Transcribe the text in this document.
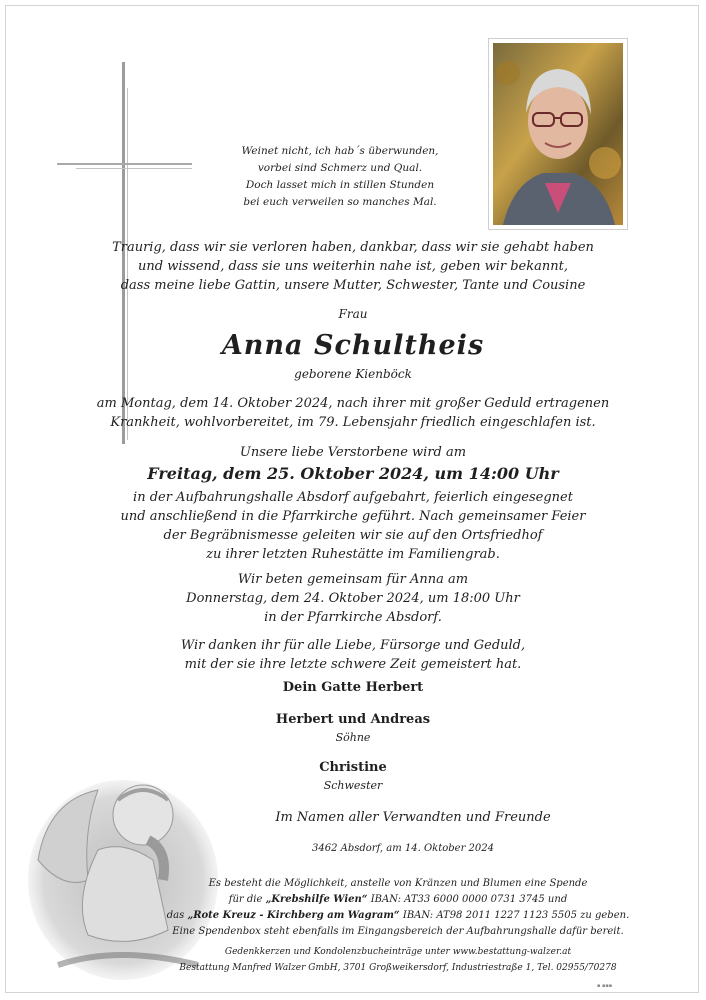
Weinet nicht, ich hab´s überwunden,
vorbei sind Schmerz und Qual.
Doch lasset mich in stillen Stunden
bei euch verweilen so manches Mal.
Traurig, dass wir sie verloren haben, dankbar, dass wir sie gehabt haben
und wissend, dass sie uns weiterhin nahe ist, geben wir bekannt,
dass meine liebe Gattin, unsere Mutter, Schwester, Tante und Cousine
Frau
Anna Schultheis
geborene Kienböck
am Montag, dem 14. Oktober 2024, nach ihrer mit großer Geduld ertragenen
Krankheit, wohlvorbereitet, im 79. Lebensjahr friedlich eingeschlafen ist.
Unsere liebe Verstorbene wird am
Freitag, dem 25. Oktober 2024, um 14:00 Uhr
in der Aufbahrungshalle Absdorf aufgebahrt, feierlich eingesegnet
und anschließend in die Pfarrkirche geführt. Nach gemeinsamer Feier
der Begräbnismesse geleiten wir sie auf den Ortsfriedhof
zu ihrer letzten Ruhestätte im Familiengrab.
Wir beten gemeinsam für Anna am
Donnerstag, dem 24. Oktober 2024, um 18:00 Uhr
in der Pfarrkirche Absdorf.
Wir danken ihr für alle Liebe, Fürsorge und Geduld,
mit der sie ihre letzte schwere Zeit gemeistert hat.
Dein Gatte Herbert
Herbert und Andreas
Söhne
Christine
Schwester
Im Namen aller Verwandten und Freunde
3462 Absdorf, am 14. Oktober 2024
Es besteht die Möglichkeit, anstelle von Kränzen und Blumen eine Spende
für die „Krebshilfe Wien“ IBAN: AT33 6000 0000 0731 3745 und
das „Rote Kreuz - Kirchberg am Wagram“ IBAN: AT98 2011 1227 1123 5505 zu geben.
Eine Spendenbox steht ebenfalls im Eingangsbereich der Aufbahrungshalle dafür bereit.
Gedenkkerzen und Kondolenzbucheinträge unter www.bestattung-walzer.at
Bestattung Manfred Walzer GmbH, 3701 Großweikersdorf, Industriestraße 1, Tel. 02955/70278
▪ ▪▪▪
